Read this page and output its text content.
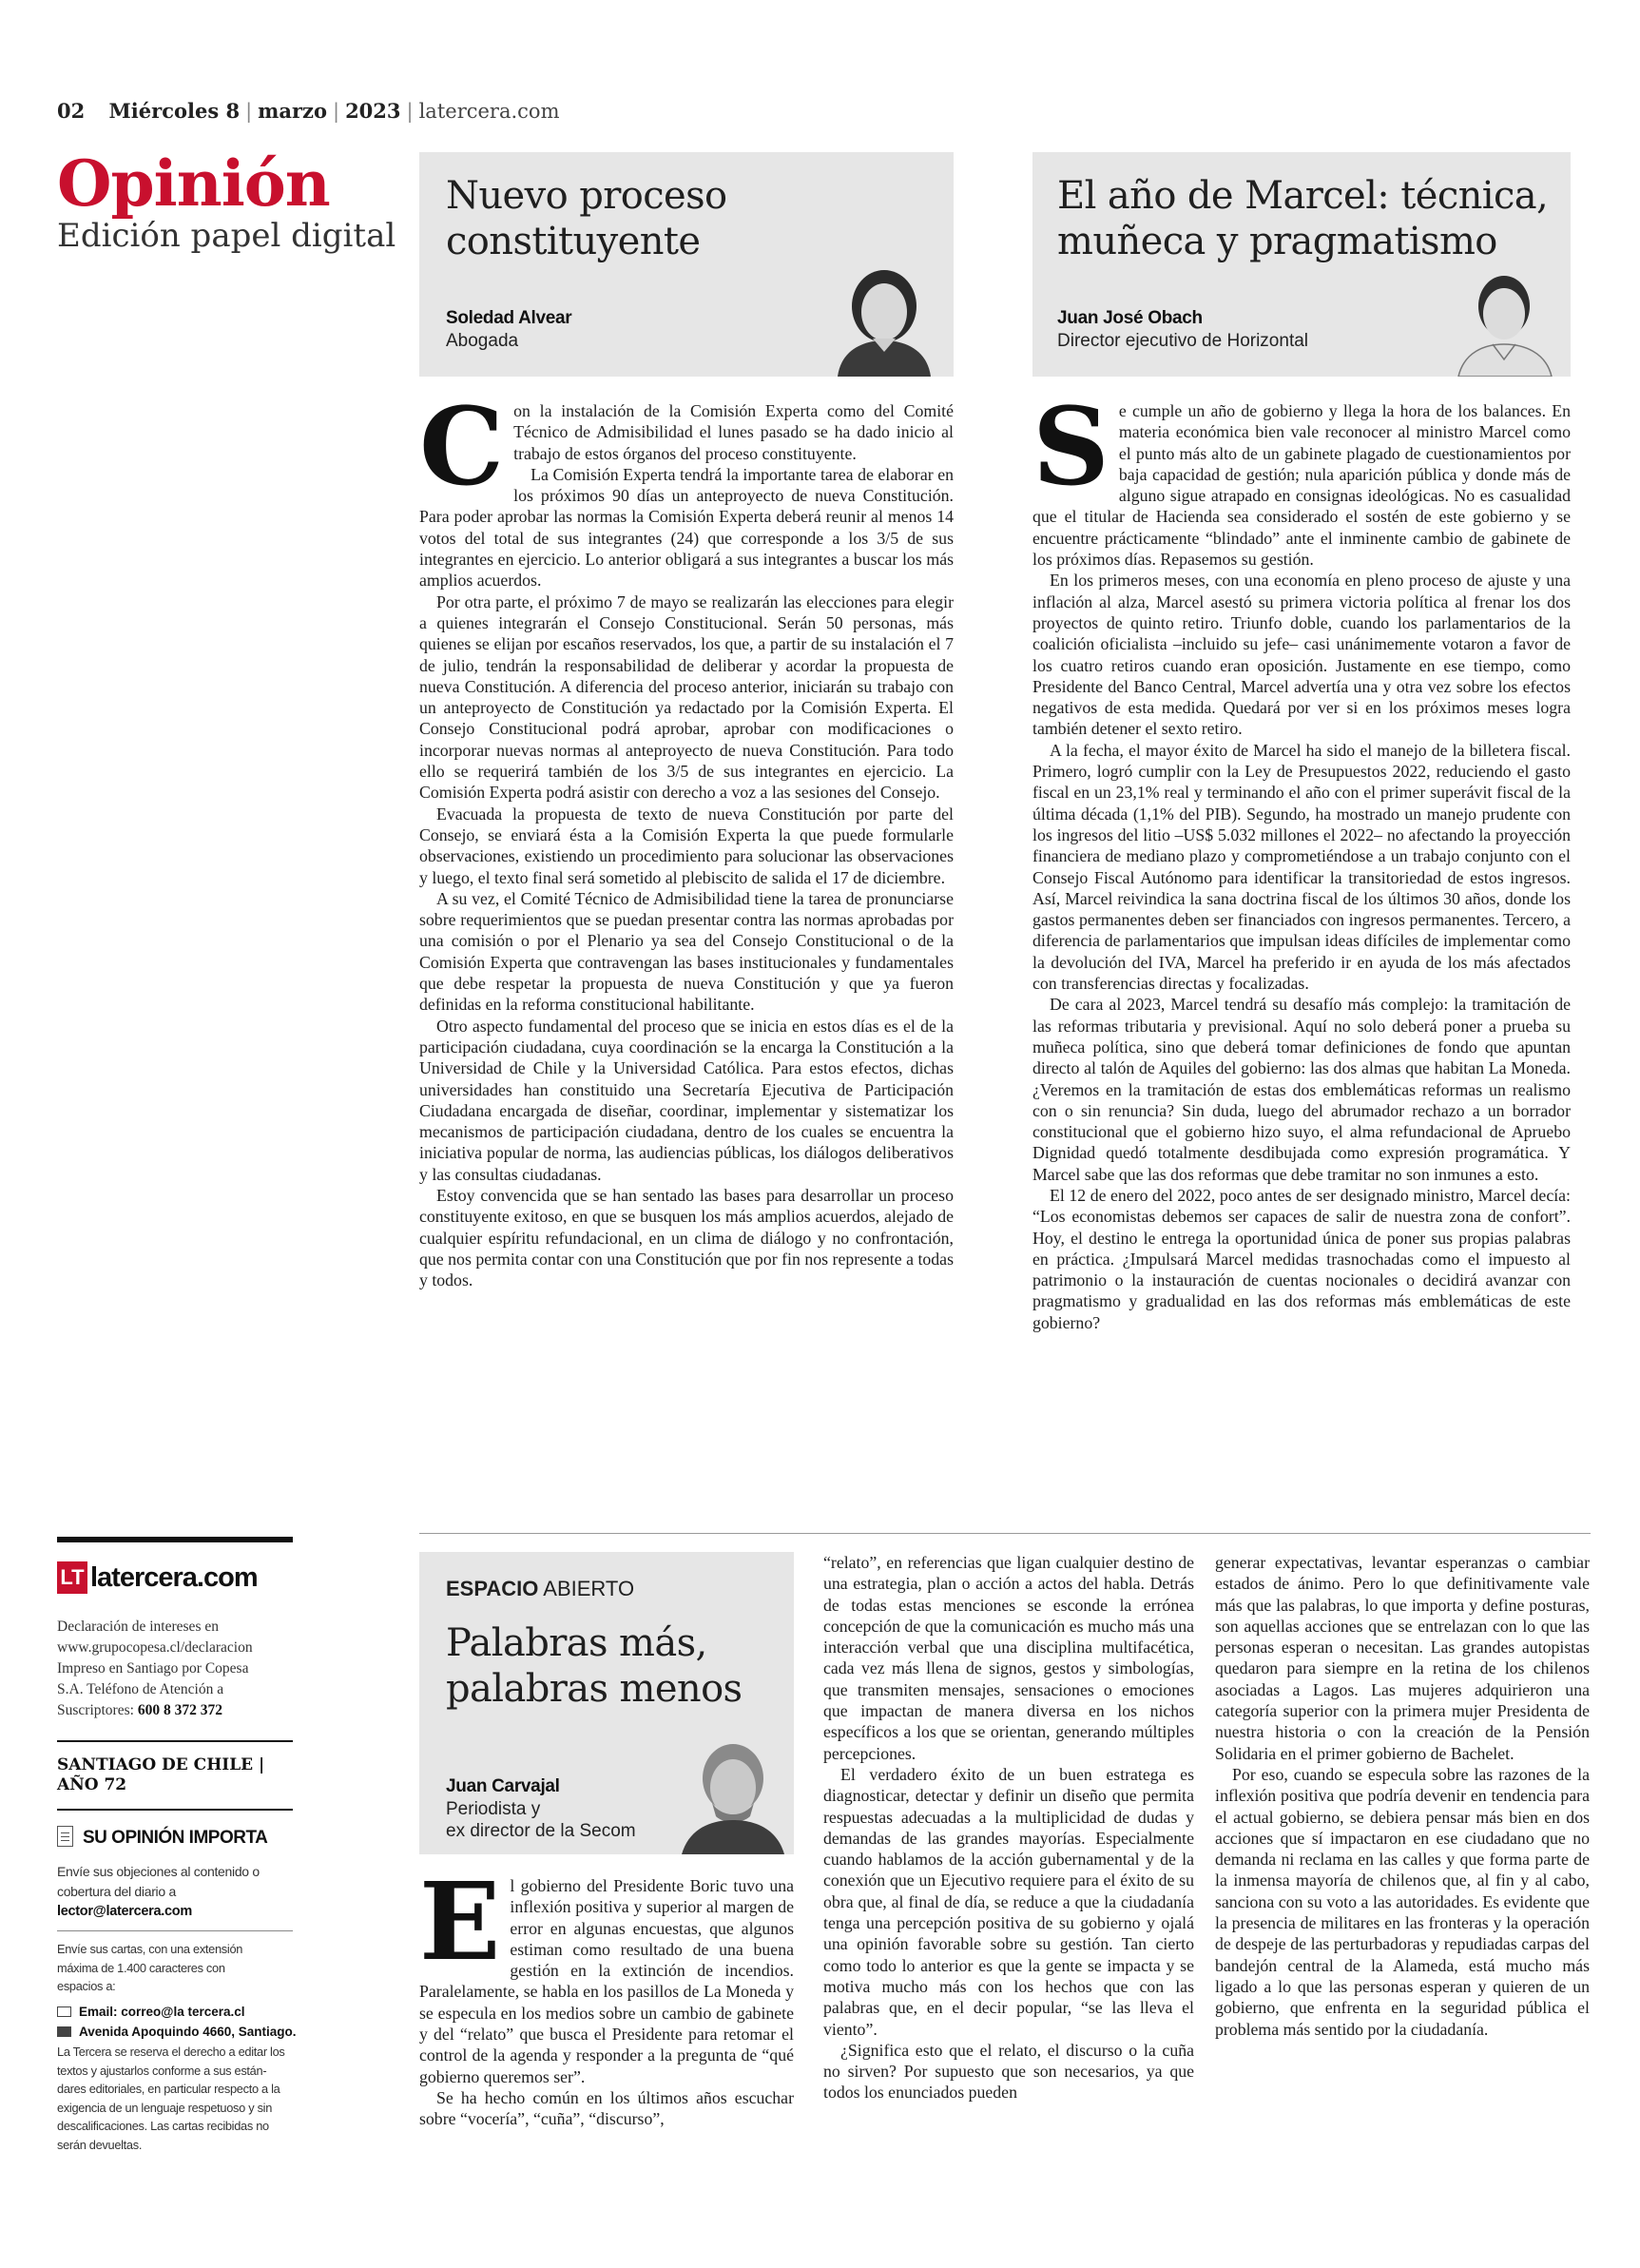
02 Miércoles 8 | marzo | 2023 | latercera.com
Opinión
Edición papel digital
Nuevo proceso constituyente
Soledad Alvear
Abogada
El año de Marcel: técnica, muñeca y pragmatismo
Juan José Obach
Director ejecutivo de Horizontal
C on la instalación de la Comisión Experta como del Comité Técnico de Admisibilidad el lunes pasado se ha dado inicio al trabajo de estos órganos del proceso constituyente.

La Comisión Experta tendrá la importante tarea de elaborar en los próximos 90 días un anteproyecto de nueva Constitución. Para poder aprobar las normas la Comisión Experta deberá reunir al menos 14 votos del total de sus integrantes (24) que corresponde a los 3/5 de sus integrantes en ejercicio. Lo anterior obligará a sus integrantes a buscar los más amplios acuerdos.

Por otra parte, el próximo 7 de mayo se realizarán las elecciones para elegir a quienes integrarán el Consejo Constitucional. Serán 50 personas, más quienes se elijan por escaños reservados, los que, a partir de su instalación el 7 de julio, tendrán la responsabilidad de deliberar y acordar la propuesta de nueva Constitución. A diferencia del proceso anterior, iniciarán su trabajo con un anteproyecto de Constitución ya redactado por la Comisión Experta. El Consejo Constitucional podrá aprobar, aprobar con modificaciones o incorporar nuevas normas al anteproyecto de nueva Constitución. Para todo ello se requerirá también de los 3/5 de sus integrantes en ejercicio. La Comisión Experta podrá asistir con derecho a voz a las sesiones del Consejo.

Evacuada la propuesta de texto de nueva Constitución por parte del Consejo, se enviará ésta a la Comisión Experta la que puede formularle observaciones, existiendo un procedimiento para solucionar las observaciones y luego, el texto final será sometido al plebiscito de salida el 17 de diciembre.

A su vez, el Comité Técnico de Admisibilidad tiene la tarea de pronunciarse sobre requerimientos que se puedan presentar contra las normas aprobadas por una comisión o por el Plenario ya sea del Consejo Constitucional o de la Comisión Experta que contravengan las bases institucionales y fundamentales que debe respetar la propuesta de nueva Constitución y que ya fueron definidas en la reforma constitucional habilitante.

Otro aspecto fundamental del proceso que se inicia en estos días es el de la participación ciudadana, cuya coordinación se la encarga la Constitución a la Universidad de Chile y la Universidad Católica. Para estos efectos, dichas universidades han constituido una Secretaría Ejecutiva de Participación Ciudadana encargada de diseñar, coordinar, implementar y sistematizar los mecanismos de participación ciudadana, dentro de los cuales se encuentra la iniciativa popular de norma, las audiencias públicas, los diálogos deliberativos y las consultas ciudadanas.

Estoy convencida que se han sentado las bases para desarrollar un proceso constituyente exitoso, en que se busquen los más amplios acuerdos, alejado de cualquier espíritu refundacional, en un clima de diálogo y no confrontación, que nos permita contar con una Constitución que por fin nos represente a todas y todos.

S e cumple un año de gobierno y llega la hora de los balances. En materia económica bien vale reconocer al ministro Marcel como el punto más alto de un gabinete plagado de cuestionamientos por baja capacidad de gestión; nula aparición pública y donde más de alguno sigue atrapado en consignas ideológicas. No es casualidad que el titular de Hacienda sea considerado el sostén de este gobierno y se encuentre prácticamente “blindado” ante el inminente cambio de gabinete de los próximos días. Repasemos su gestión.

En los primeros meses, con una economía en pleno proceso de ajuste y una inflación al alza, Marcel asestó su primera victoria política al frenar los dos proyectos de quinto retiro. Triunfo doble, cuando los parlamentarios de la coalición oficialista –incluido su jefe– casi unánimemente votaron a favor de los cuatro retiros cuando eran oposición. Justamente en ese tiempo, como Presidente del Banco Central, Marcel advertía una y otra vez sobre los efectos negativos de esta medida. Quedará por ver si en los próximos meses logra también detener el sexto retiro.

A la fecha, el mayor éxito de Marcel ha sido el manejo de la billetera fiscal. Primero, logró cumplir con la Ley de Presupuestos 2022, reduciendo el gasto fiscal en un 23,1% real y terminando el año con el primer superávit fiscal de la última década (1,1% del PIB). Segundo, ha mostrado un manejo prudente con los ingresos del litio –US$ 5.032 millones el 2022– no afectando la proyección financiera de mediano plazo y comprometiéndose a un trabajo conjunto con el Consejo Fiscal Autónomo para identificar la transitoriedad de estos ingresos. Así, Marcel reivindica la sana doctrina fiscal de los últimos 30 años, donde los gastos permanentes deben ser financiados con ingresos permanentes. Tercero, a diferencia de parlamentarios que impulsan ideas difíciles de implementar como la devolución del IVA, Marcel ha preferido ir en ayuda de los más afectados con transferencias directas y focalizadas.

De cara al 2023, Marcel tendrá su desafío más complejo: la tramitación de las reformas tributaria y previsional. Aquí no solo deberá poner a prueba su muñeca política, sino que deberá tomar definiciones de fondo que apuntan directo al talón de Aquiles del gobierno: las dos almas que habitan La Moneda. ¿Veremos en la tramitación de estas dos emblemáticas reformas un realismo con o sin renuncia? Sin duda, luego del abrumador rechazo a un borrador constitucional que el gobierno hizo suyo, el alma refundacional de Apruebo Dignidad quedó totalmente desdibujada como expresión programática. Y Marcel sabe que las dos reformas que debe tramitar no son inmunes a esto.

El 12 de enero del 2022, poco antes de ser designado ministro, Marcel decía: “Los economistas debemos ser capaces de salir de nuestra zona de confort”. Hoy, el destino le entrega la oportunidad única de poner sus propias palabras en práctica. ¿Impulsará Marcel medidas trasnochadas como el impuesto al patrimonio o la instauración de cuentas nocionales o decidirá avanzar con pragmatismo y gradualidad en las dos reformas más emblemáticas de este gobierno?

ESPACIO ABIERTO
Palabras más, palabras menos
Juan Carvajal
Periodista y
ex director de la Secom
E l gobierno del Presidente Boric tuvo una inflexión positiva y superior al margen de error en algunas encuestas, que algunos estiman como resultado de una buena gestión en la extinción de incendios. Paralelamente, se habla en los pasillos de La Moneda y se especula en los medios sobre un cambio de gabinete y del “relato” que busca el Presidente para retomar el control de la agenda y responder a la pregunta de “qué gobierno queremos ser”.

Se ha hecho común en los últimos años escuchar sobre “vocería”, “cuña”, “discurso”,

“relato”, en referencias que ligan cualquier destino de una estrategia, plan o acción a actos del habla. Detrás de todas estas menciones se esconde la errónea concepción de que la comunicación es mucho más una interacción verbal que una disciplina multifacética, cada vez más llena de signos, gestos y simbologías, que transmiten mensajes, sensaciones o emociones que impactan de manera diversa en los nichos específicos a los que se orientan, generando múltiples percepciones.

El verdadero éxito de un buen estratega es diagnosticar, detectar y definir un diseño que permita respuestas adecuadas a la multiplicidad de dudas y demandas de las grandes mayorías. Especialmente cuando hablamos de la acción gubernamental y de la conexión que un Ejecutivo requiere para el éxito de su obra que, al final de día, se reduce a que la ciudadanía tenga una percepción positiva de su gobierno y ojalá una opinión favorable sobre su gestión. Tan cierto como todo lo anterior es que la gente se impacta y se motiva mucho más con los hechos que con las palabras que, en el decir popular, “se las lleva el viento”.

¿Significa esto que el relato, el discurso o la cuña no sirven? Por supuesto que son necesarios, ya que todos los enunciados pueden

generar expectativas, levantar esperanzas o cambiar estados de ánimo. Pero lo que definitivamente vale más que las palabras, lo que importa y define posturas, son aquellas acciones que se entrelazan con lo que las personas esperan o necesitan. Las grandes autopistas quedaron para siempre en la retina de los chilenos asociadas a Lagos. Las mujeres adquirieron una categoría superior con la primera mujer Presidenta de nuestra historia o con la creación de la Pensión Solidaria en el primer gobierno de Bachelet.

Por eso, cuando se especula sobre las razones de la inflexión positiva que podría devenir en tendencia para el actual gobierno, se debiera pensar más bien en dos acciones que sí impactaron en ese ciudadano que no demanda ni reclama en las calles y que forma parte de la inmensa mayoría de chilenos que, al fin y al cabo, sanciona con su voto a las autoridades. Es evidente que la presencia de militares en las fronteras y la operación de despeje de las perturbadoras y repudiadas carpas del bandejón central de la Alameda, está mucho más ligado a lo que las personas esperan y quieren de un gobierno, que enfrenta en la seguridad pública el problema más sentido por la ciudadanía.

LT latercera.com
Declaración de intereses en
www.grupocopesa.cl/declaracion
Impreso en Santiago por Copesa
S.A. Teléfono de Atención a
Suscriptores: 600 8 372 372
SANTIAGO DE CHILE |
AÑO 72
SU OPINIÓN IMPORTA
Envíe sus objeciones al contenido o
cobertura del diario a
lector@latercera.com
Envíe sus cartas, con una extensión
máxima de 1.400 caracteres con
espacios a:
Email: correo@la tercera.cl
Avenida Apoquindo 4660, Santiago.
La Tercera se reserva el derecho a editar los
textos y ajustarlos conforme a sus están-
dares editoriales, en particular respecto a la
exigencia de un lenguaje respetuoso y sin
descalificaciones. Las cartas recibidas no
serán devueltas.
